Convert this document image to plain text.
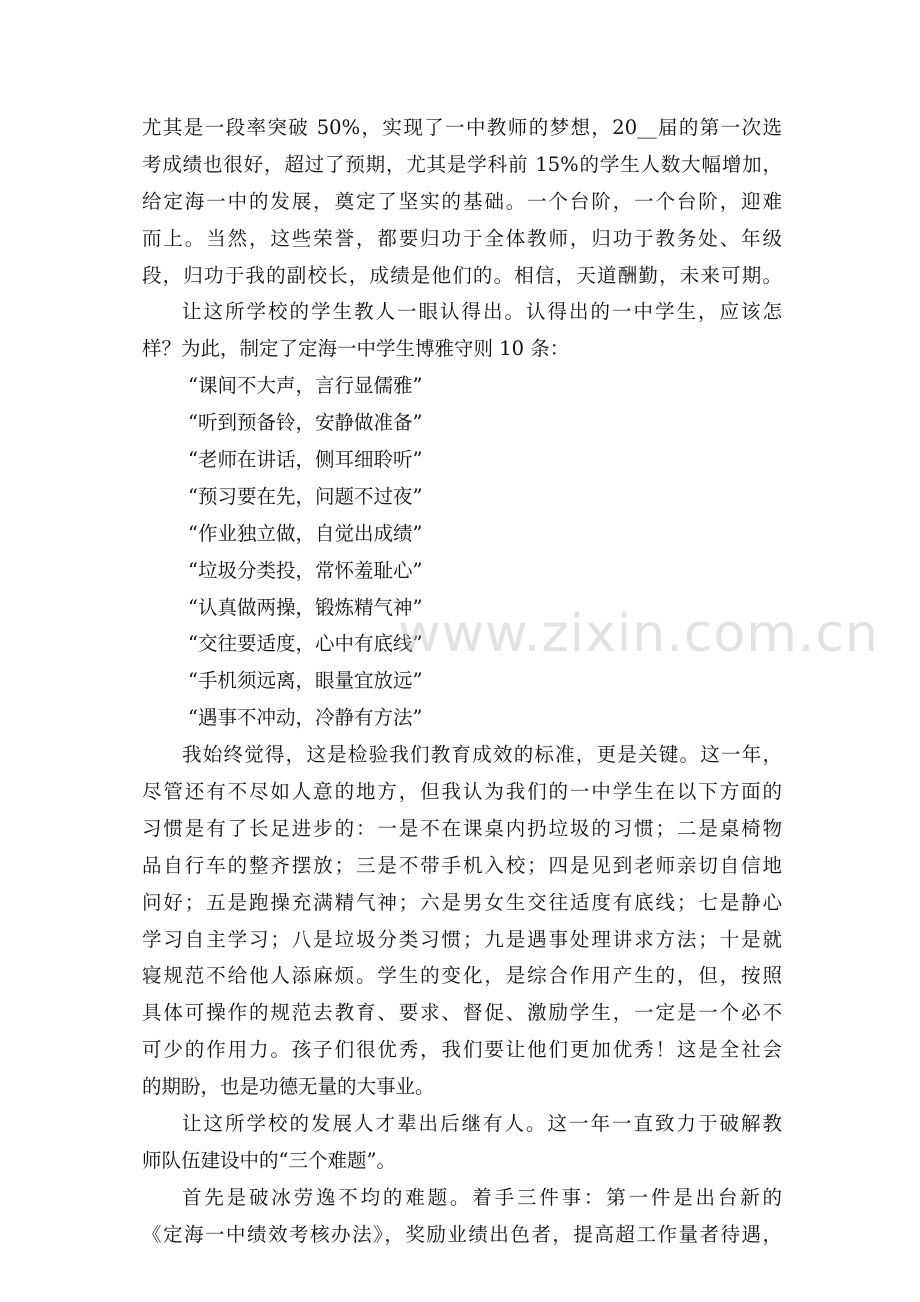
尤其是一段率突破 50%，实现了一中教师的梦想，20__届的第一次选
考成绩也很好，超过了预期，尤其是学科前 15%的学生人数大幅增加，
给定海一中的发展，奠定了坚实的基础。一个台阶，一个台阶，迎难
而上。当然，这些荣誉，都要归功于全体教师，归功于教务处、年级
段，归功于我的副校长，成绩是他们的。相信，天道酬勤，未来可期。
让这所学校的学生教人一眼认得出。认得出的一中学生，应该怎
样？为此，制定了定海一中学生博雅守则 10 条：
“课间不大声，言行显儒雅”
“听到预备铃，安静做准备”
“老师在讲话，侧耳细聆听”
“预习要在先，问题不过夜”
“作业独立做，自觉出成绩”
“垃圾分类投，常怀羞耻心”
“认真做两操，锻炼精气神”
“交往要适度，心中有底线”
“手机须远离，眼量宜放远”
“遇事不冲动，冷静有方法”
我始终觉得，这是检验我们教育成效的标准，更是关键。这一年，
尽管还有不尽如人意的地方，但我认为我们的一中学生在以下方面的
习惯是有了长足进步的：一是不在课桌内扔垃圾的习惯；二是桌椅物
品自行车的整齐摆放；三是不带手机入校；四是见到老师亲切自信地
问好；五是跑操充满精气神；六是男女生交往适度有底线；七是静心
学习自主学习；八是垃圾分类习惯；九是遇事处理讲求方法；十是就
寝规范不给他人添麻烦。学生的变化，是综合作用产生的，但，按照
具体可操作的规范去教育、要求、督促、激励学生，一定是一个必不
可少的作用力。孩子们很优秀，我们要让他们更加优秀！这是全社会
的期盼，也是功德无量的大事业。
让这所学校的发展人才辈出后继有人。这一年一直致力于破解教
师队伍建设中的“三个难题”。
首先是破冰劳逸不均的难题。着手三件事：第一件是出台新的
《定海一中绩效考核办法》，奖励业绩出色者，提高超工作量者待遇，
www.zixin.com.cn
